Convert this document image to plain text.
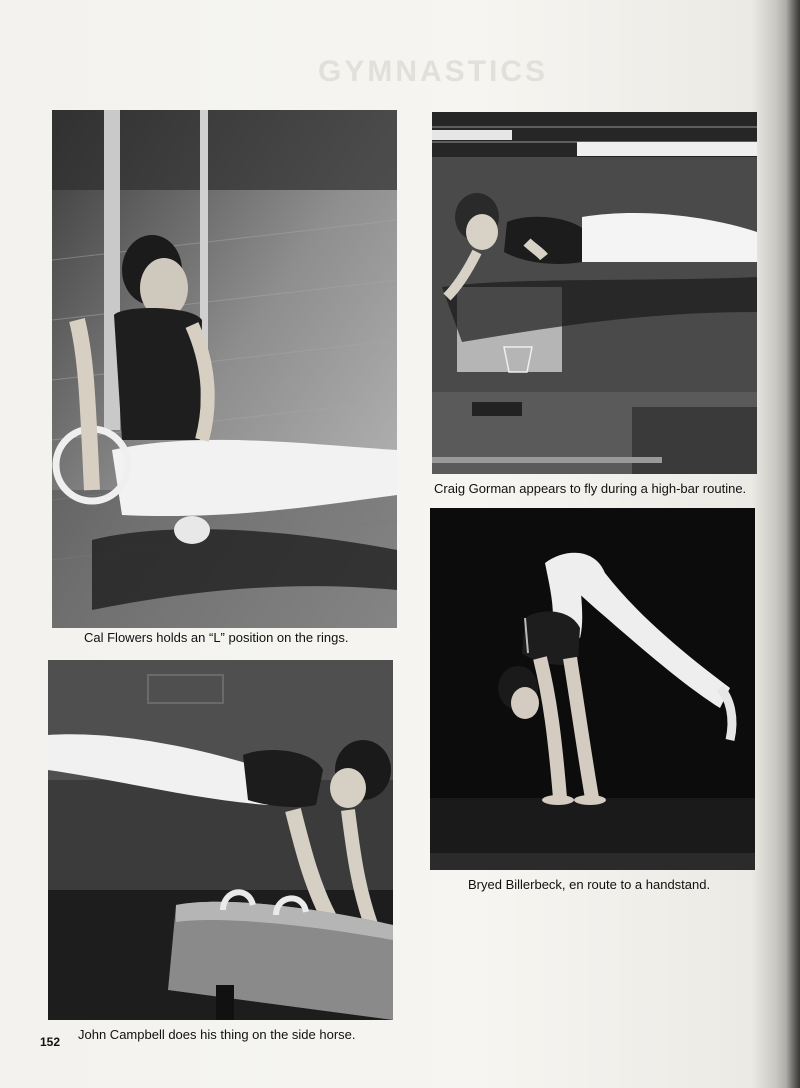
GYMNASTICS
Cal Flowers holds an “L” position on the rings.
Craig Gorman appears to fly during a high-bar routine.
John Campbell does his thing on the side horse.
Bryed Billerbeck, en route to a handstand.
152
